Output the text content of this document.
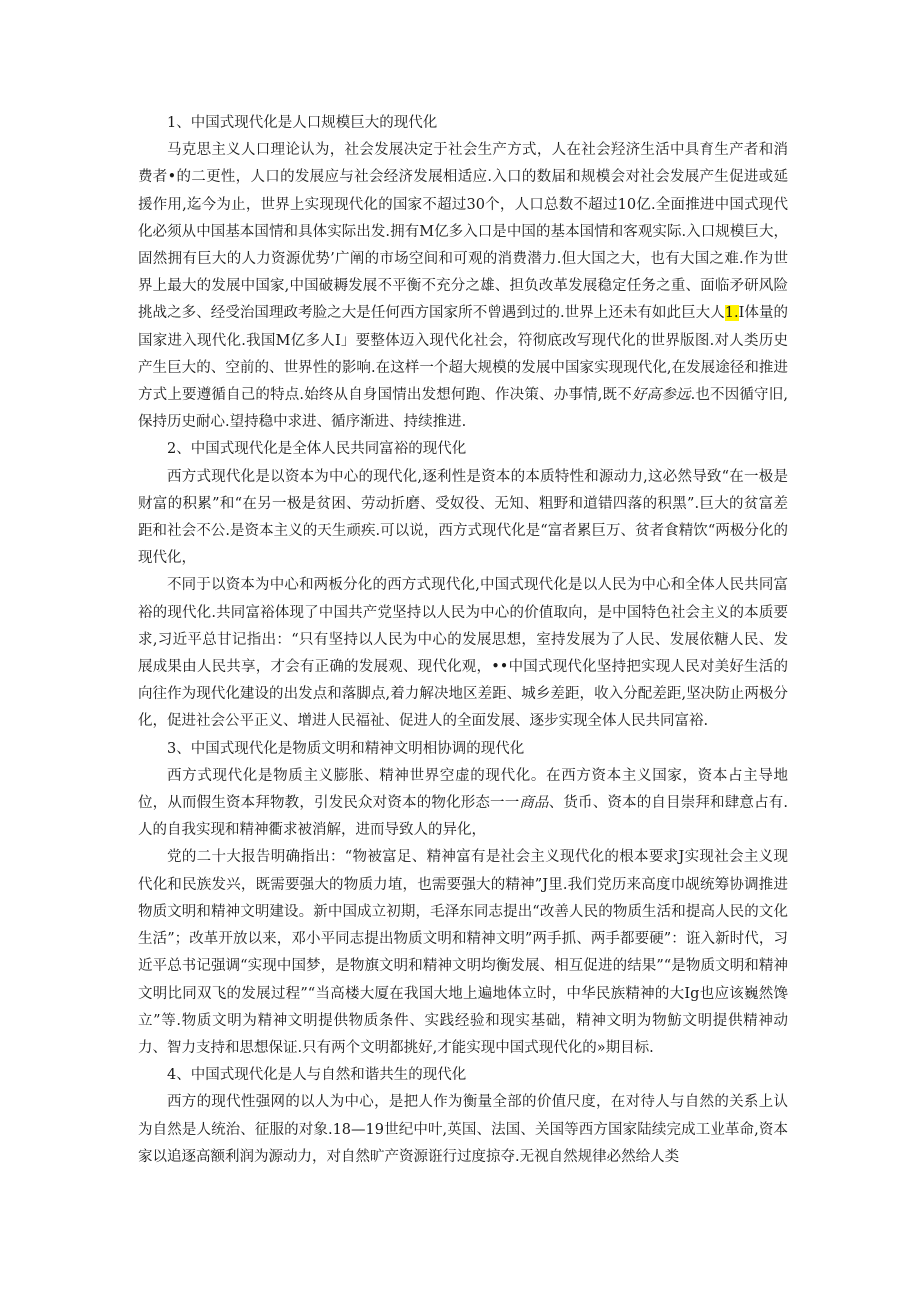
1、中国式现代化是人口规模巨大的现代化

马克思主义人口理论认为，社会发展决定于社会生产方式，人在社会羟济生活中具育生产者和消费者•的二更性，人口的发展应与社会经济发展相适应.入口的数届和规模会对社会发展产生促进或延援作用,迄今为止，世界上实现现代化的国家不超过30个，人口总数不超过10亿.全面推进中国式现代化必须从中国基本国情和具体实际出发.拥有M亿多入口是中国的基本国情和客观实际.入口规模巨大，固然拥有巨大的人力资源优势’广阐的市场空间和可观的消费潜力.但大国之大，也有大国之难.作为世界上最大的发展中国家,中国破耨发展不平衡不充分之雄、担负改革发展稳定任务之重、面临矛研风险挑战之多、经受治国理政考脸之大是任何西方国家所不曾遇到过的.世界上还未有如此巨大人1.I体量的国家进入现代化.我国M亿多人I」要整体迈入现代化社会，符彻底改写现代化的世界版图.对人类历史产生巨大的、空前的、世界性的影响.在这样一个超大规模的发展中国家实现现代化,在发展途径和推进方式上要遵循自己的特点.始终从自身国情出发想何跑、作决策、办事情,既不好高参远.也不因循守旧,保持历史耐心.望持稳中求进、循序渐进、持续推进.

2、中国式现代化是全体人民共同富裕的现代化

西方式现代化是以资本为中心的现代化,逐利性是资本的本质特性和源动力,这必然导致“在一极是财富的积累”和“在另一极是贫困、劳动折磨、受奴役、无知、粗野和道错四落的积黑”.巨大的贫富差距和社会不公.是资本主义的天生顽疾.可以说，西方式现代化是“富者累巨万、贫者食精饮“两极分化的现代化，

不同于以资本为中心和两板分化的西方式现代化,中国式现代化是以人民为中心和全体人民共同富裕的现代化.共同富裕体现了中国共产党坚持以人民为中心的价值取向，是中国特色社会主义的本质要求,习近平总甘记指出：“只有坚持以人民为中心的发展思想，室持发展为了人民、发展依糖人民、发展成果由人民共享，才会有正确的发展观、现代化观，••中国式现代化坚持把实现人民对美好生活的向往作为现代化建设的出发点和落脚点,着力解决地区差距、城乡差距，收入分配差距,坚决防止两极分化，促进社会公平正义、增进人民福祉、促进人的全面发展、逐步实现全体人民共同富裕.

3、中国式现代化是物质文明和精神文明相协调的现代化

西方式现代化是物质主义膨胀、精神世界空虚的现代化。在西方资本主义国家，资本占主导地位，从而假生资本拜物教，引发民众对资本的物化形态一一商品、货币、资本的自目崇拜和肆意占有.人的自我实现和精神衢求被消解，进而导致人的异化，

党的二十大报告明确指出：“物被富足、精神富有是社会主义现代化的根本要求J实现社会主义现代化和民族发兴，既需要强大的物质力埴，也需要强大的精神”J里.我们党历来高度巾觇统筹协调推进物质文明和精神文明建设。新中国成立初期，毛泽东同志提出“改善人民的物质生活和提高人民的文化生活”；改革开放以来，邓小平同志提出物质文明和精神文明”两手抓、两手都要硬”：诳入新时代，习近平总书记强调“实现中国梦，是物旗文明和精神文明均衡发展、相互促进的结果”“是物质文明和精神文明比同双飞的发展过程”“当高楼大厦在我国大地上遍地体立时，中华民族精神的大Ig也应该巍然馋立”等.物质文明为精神文明提供物质条件、实践经验和现实基础，精神文明为物魴文明提供精神动力、智力支持和思想保证.只有两个文明都挑好,才能实现中国式现代化的»期目标.

4、中国式现代化是人与自然和谐共生的现代化

西方的现代性强网的以人为中心，是把人作为衡量全部的价值尺度，在对待人与自然的关系上认为自然是人统治、征服的对象.18—19世纪中叶,英国、法国、关国等西方国家陆续完成工业革命,资本家以追逐高额利润为源动力，对自然旷产资源诳行过度掠夺.无视自然规律必然给人类
